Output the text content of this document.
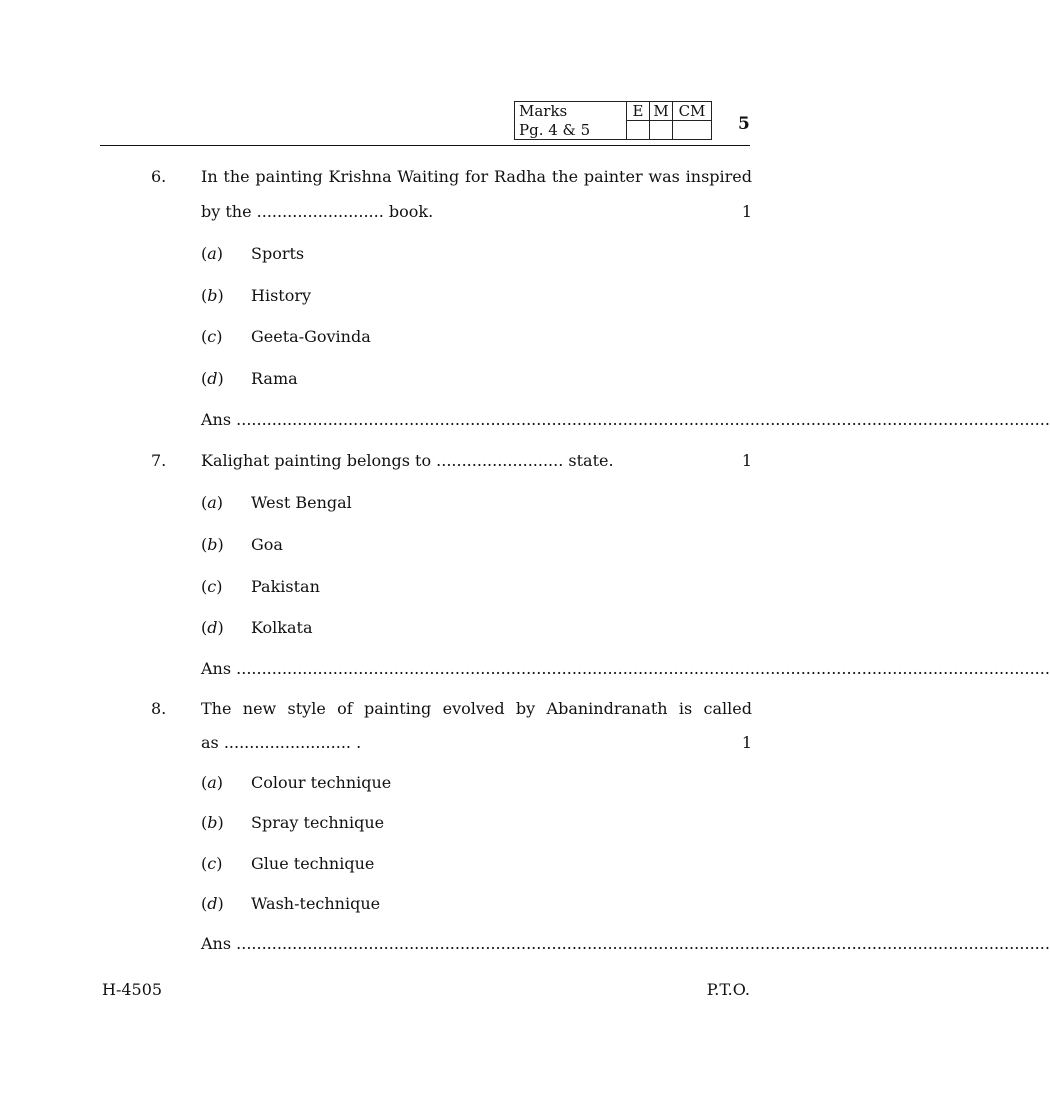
Marks	E	M	CM
Pg. 4 & 5				5
6. In the painting Krishna Waiting for Radha the painter was inspired
by the ......................... book.	1
(a) Sports
(b) History
(c) Geeta-Govinda
(d) Rama
Ans ................................................................................................................................................................
7. Kalighat painting belongs to ......................... state.	1
(a) West Bengal
(b) Goa
(c) Pakistan
(d) Kolkata
Ans ................................................................................................................................................................
8. The new style of painting evolved by Abanindranath is called
as ......................... .	1
(a) Colour technique
(b) Spray technique
(c) Glue technique
(d) Wash-technique
Ans ................................................................................................................................................................
H-4505	P.T.O.
